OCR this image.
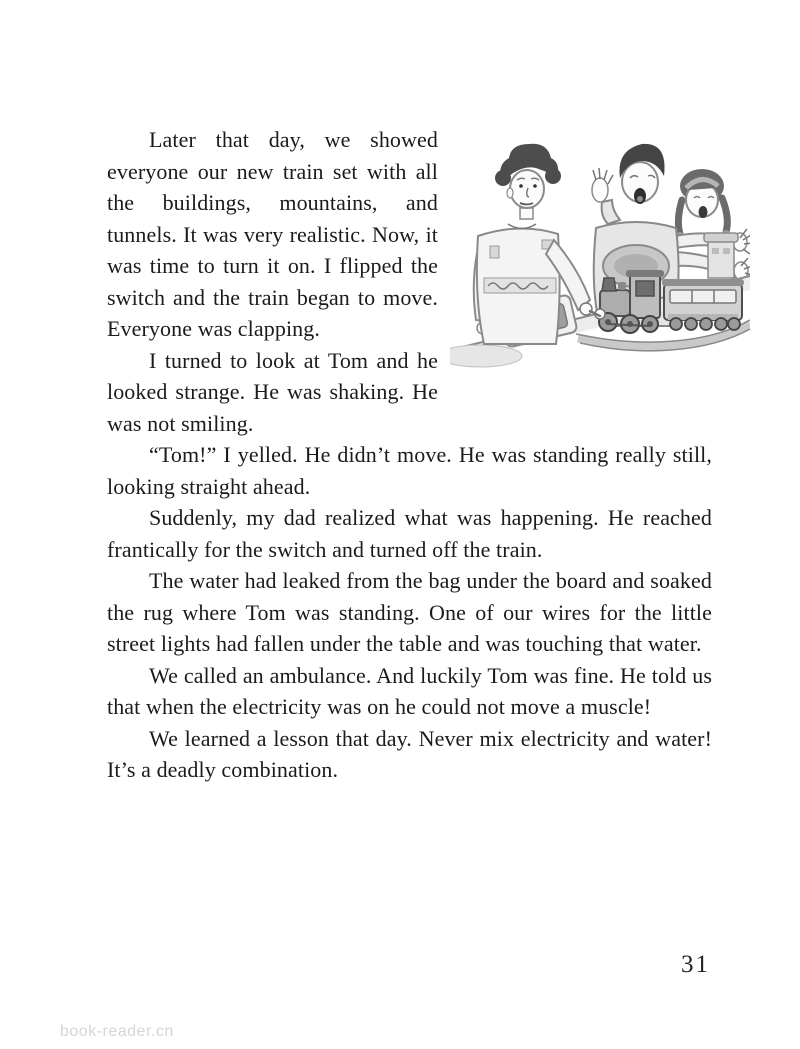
Later that day, we showed everyone our new train set with all the buildings, mountains, and tunnels. It was very realistic. Now, it was time to turn it on. I flipped the switch and the train began to move. Everyone was clapping.

I turned to look at Tom and he looked strange. He was shaking. He was not smiling.

“Tom!” I yelled. He didn’t move. He was standing really still, looking straight ahead.

Suddenly, my dad realized what was happening. He reached frantically for the switch and turned off the train.

The water had leaked from the bag under the board and soaked the rug where Tom was standing. One of our wires for the little street lights had fallen under the table and was touching that water.

We called an ambulance. And luckily Tom was fine. He told us that when the electricity was on he could not move a muscle!

We learned a lesson that day. Never mix electricity and water! It’s a deadly combination.

31
book-reader.cn
